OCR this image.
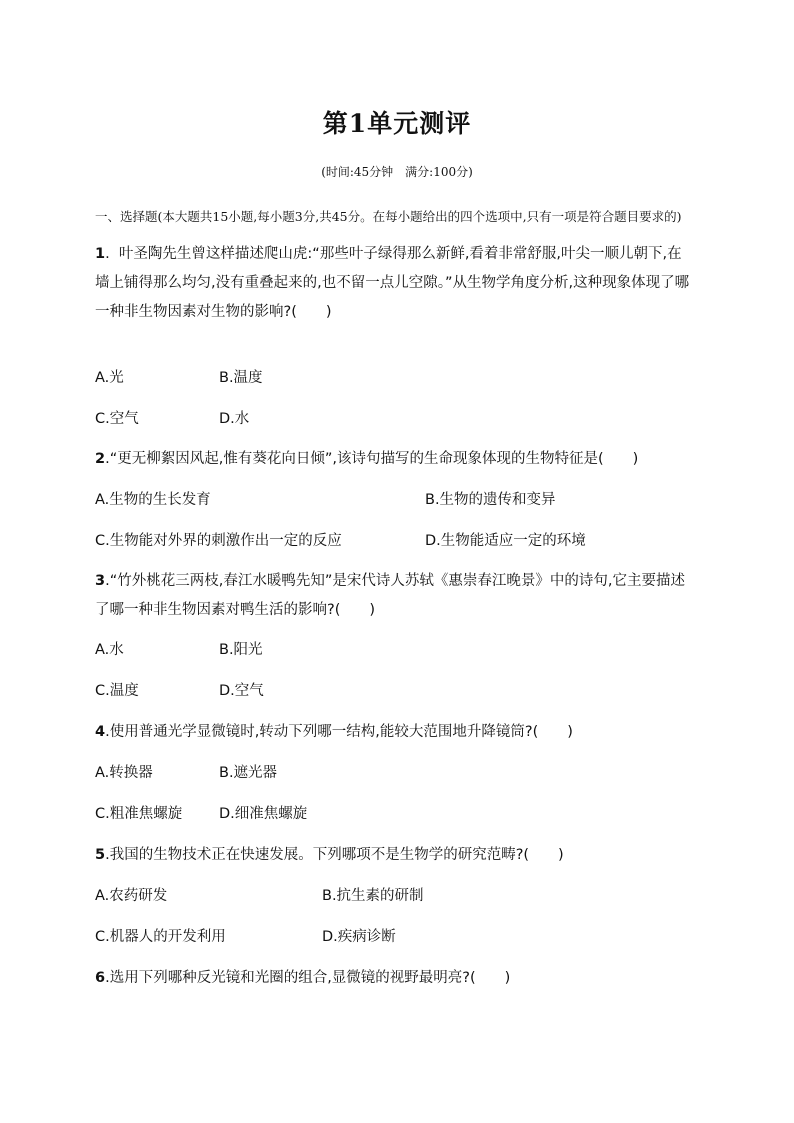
第1单元测评
(时间:45分钟　满分:100分)
一、选择题(本大题共15小题,每小题3分,共45分。在每小题给出的四个选项中,只有一项是符合题目要求的)
1.  叶圣陶先生曾这样描述爬山虎:“那些叶子绿得那么新鲜,看着非常舒服,叶尖一顺儿朝下,在墙上铺得那么均匀,没有重叠起来的,也不留一点儿空隙。”从生物学角度分析,这种现象体现了哪一种非生物因素对生物的影响?(　　)
A.光	B.温度
C.空气	D.水
2.“更无柳絮因风起,惟有葵花向日倾”,该诗句描写的生命现象体现的生物特征是(　　)
A.生物的生长发育	B.生物的遗传和变异
C.生物能对外界的刺激作出一定的反应	D.生物能适应一定的环境
3.“竹外桃花三两枝,春江水暖鸭先知”是宋代诗人苏轼《惠崇春江晚景》中的诗句,它主要描述了哪一种非生物因素对鸭生活的影响?(　　)
A.水	B.阳光
C.温度	D.空气
4.使用普通光学显微镜时,转动下列哪一结构,能较大范围地升降镜筒?(　　)
A.转换器	B.遮光器
C.粗准焦螺旋	D.细准焦螺旋
5.我国的生物技术正在快速发展。下列哪项不是生物学的研究范畴?(　　)
A.农药研发	B.抗生素的研制
C.机器人的开发利用	D.疾病诊断
6.选用下列哪种反光镜和光圈的组合,显微镜的视野最明亮?(　　)
